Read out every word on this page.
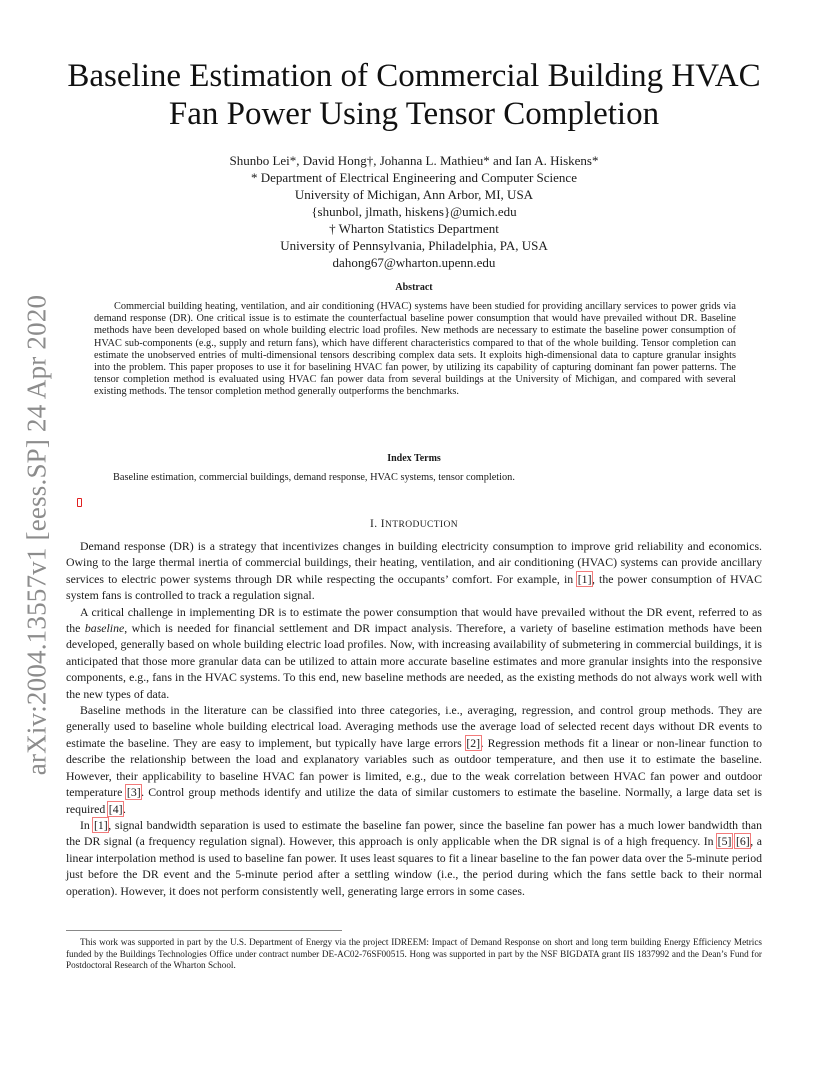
arXiv:2004.13557v1 [eess.SP] 24 Apr 2020
Baseline Estimation of Commercial Building HVAC
Fan Power Using Tensor Completion
Shunbo Lei*, David Hong†, Johanna L. Mathieu* and Ian A. Hiskens*
* Department of Electrical Engineering and Computer Science
University of Michigan, Ann Arbor, MI, USA
{shunbol, jlmath, hiskens}@umich.edu
† Wharton Statistics Department
University of Pennsylvania, Philadelphia, PA, USA
dahong67@wharton.upenn.edu
Abstract
Commercial building heating, ventilation, and air conditioning (HVAC) systems have been studied for providing ancillary services to power grids via demand response (DR). One critical issue is to estimate the counterfactual baseline power consumption that would have prevailed without DR. Baseline methods have been developed based on whole building electric load profiles. New methods are necessary to estimate the baseline power consumption of HVAC sub-components (e.g., supply and return fans), which have different characteristics compared to that of the whole building. Tensor completion can estimate the unobserved entries of multi-dimensional tensors describing complex data sets. It exploits high-dimensional data to capture granular insights into the problem. This paper proposes to use it for baselining HVAC fan power, by utilizing its capability of capturing dominant fan power patterns. The tensor completion method is evaluated using HVAC fan power data from several buildings at the University of Michigan, and compared with several existing methods. The tensor completion method generally outperforms the benchmarks.
Index Terms
Baseline estimation, commercial buildings, demand response, HVAC systems, tensor completion.
I. INTRODUCTION

Demand response (DR) is a strategy that incentivizes changes in building electricity consumption to improve grid reliability and economics. Owing to the large thermal inertia of commercial buildings, their heating, ventilation, and air conditioning (HVAC) systems can provide ancillary services to electric power systems through DR while respecting the occupants’ comfort. For example, in [1], the power consumption of HVAC system fans is controlled to track a regulation signal.

A critical challenge in implementing DR is to estimate the power consumption that would have prevailed without the DR event, referred to as the baseline, which is needed for financial settlement and DR impact analysis. Therefore, a variety of baseline estimation methods have been developed, generally based on whole building electric load profiles. Now, with increasing availability of submetering in commercial buildings, it is anticipated that those more granular data can be utilized to attain more accurate baseline estimates and more granular insights into the responsive components, e.g., fans in the HVAC systems. To this end, new baseline methods are needed, as the existing methods do not always work well with the new types of data.

Baseline methods in the literature can be classified into three categories, i.e., averaging, regression, and control group methods. They are generally used to baseline whole building electrical load. Averaging methods use the average load of selected recent days without DR events to estimate the baseline. They are easy to implement, but typically have large errors [2]. Regression methods fit a linear or non-linear function to describe the relationship between the load and explanatory variables such as outdoor temperature, and then use it to estimate the baseline. However, their applicability to baseline HVAC fan power is limited, e.g., due to the weak correlation between HVAC fan power and outdoor temperature [3]. Control group methods identify and utilize the data of similar customers to estimate the baseline. Normally, a large data set is required [4].

In [1], signal bandwidth separation is used to estimate the baseline fan power, since the baseline fan power has a much lower bandwidth than the DR signal (a frequency regulation signal). However, this approach is only applicable when the DR signal is of a high frequency. In [5] [6], a linear interpolation method is used to baseline fan power. It uses least squares to fit a linear baseline to the fan power data over the 5-minute period just before the DR event and the 5-minute period after a settling window (i.e., the period during which the fans settle back to their normal operation). However, it does not perform consistently well, generating large errors in some cases.

This work was supported in part by the U.S. Department of Energy via the project IDREEM: Impact of Demand Response on short and long term building Energy Efficiency Metrics funded by the Buildings Technologies Office under contract number DE-AC02-76SF00515. Hong was supported in part by the NSF BIGDATA grant IIS 1837992 and the Dean’s Fund for Postdoctoral Research of the Wharton School.
